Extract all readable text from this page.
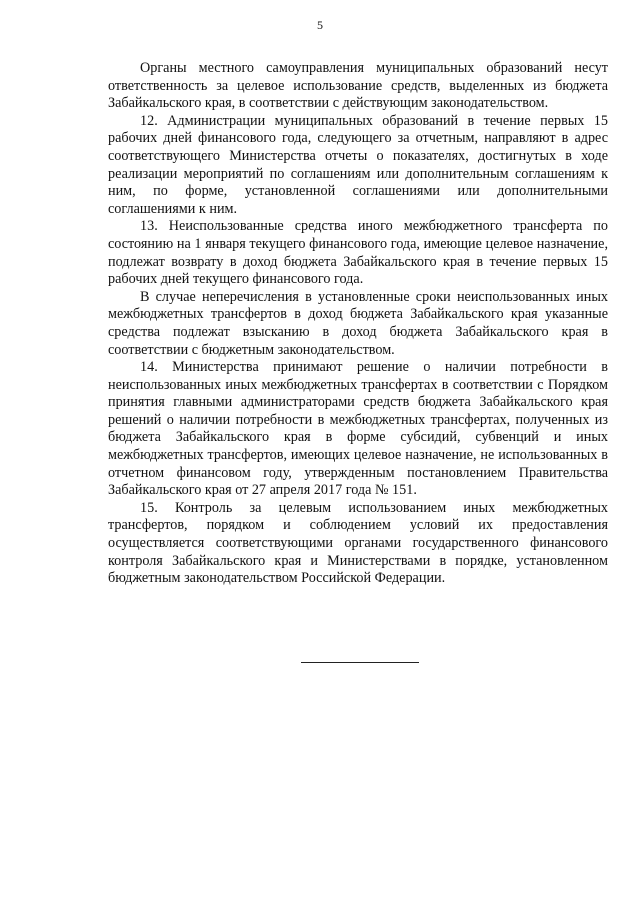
5

Органы местного самоуправления муниципальных образований несут ответственность за целевое использование средств, выделенных из бюджета Забайкальского края, в соответствии с действующим законодательством.

12. Администрации муниципальных образований в течение первых 15 рабочих дней финансового года, следующего за отчетным, направляют в адрес соответствующего Министерства отчеты о показателях, достигнутых в ходе реализации мероприятий по соглашениям или дополнительным соглашениям к ним, по форме, установленной соглашениями или дополнительными соглашениями к ним.

13. Неиспользованные средства иного межбюджетного трансферта по состоянию на 1 января текущего финансового года, имеющие целевое назначение, подлежат возврату в доход бюджета Забайкальского края в течение первых 15 рабочих дней текущего финансового года.

В случае неперечисления в установленные сроки неиспользованных иных межбюджетных трансфертов в доход бюджета Забайкальского края указанные средства подлежат взысканию в доход бюджета Забайкальского края в соответствии с бюджетным законодательством.

14. Министерства принимают решение о наличии потребности в неиспользованных иных межбюджетных трансфертах в соответствии с Порядком принятия главными администраторами средств бюджета Забайкальского края решений о наличии потребности в межбюджетных трансфертах, полученных из бюджета Забайкальского края в форме субсидий, субвенций и иных межбюджетных трансфертов, имеющих целевое назначение, не использованных в отчетном финансовом году, утвержденным постановлением Правительства Забайкальского края от 27 апреля 2017 года № 151.

15. Контроль за целевым использованием иных межбюджетных трансфертов, порядком и соблюдением условий их предоставления осуществляется соответствующими органами государственного финансового контроля Забайкальского края и Министерствами в порядке, установленном бюджетным законодательством Российской Федерации.
